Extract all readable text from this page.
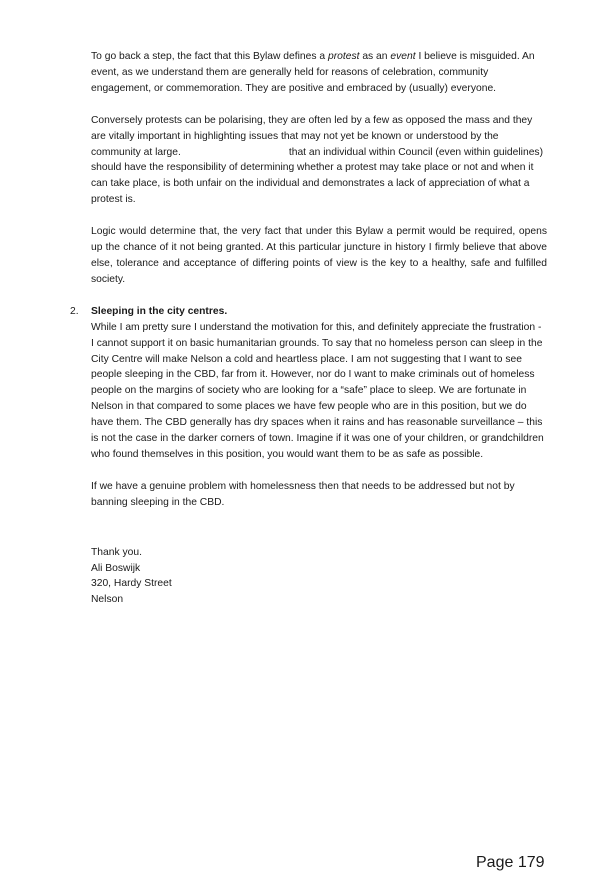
To go back a step, the fact that this Bylaw defines a protest as an event I believe is misguided. An event, as we understand them are generally held for reasons of celebration, community engagement, or commemoration. They are positive and embraced by (usually) everyone.

Conversely protests can be polarising, they are often led by a few as opposed the mass and they are vitally important in highlighting issues that may not yet be known or understood by the community at large.	that an individual within Council (even within guidelines) should have the responsibility of determining whether a protest may take place or not and when it can take place, is both unfair on the individual and demonstrates a lack of appreciation of what a protest is.

Logic would determine that, the very fact that under this Bylaw a permit would be required, opens up the chance of it not being granted. At this particular juncture in history I firmly believe that above else, tolerance and acceptance of differing points of view is the key to a healthy, safe and fulfilled society.

2. Sleeping in the city centres.

While I am pretty sure I understand the motivation for this, and definitely appreciate the frustration - I cannot support it on basic humanitarian grounds. To say that no homeless person can sleep in the City Centre will make Nelson a cold and heartless place. I am not suggesting that I want to see people sleeping in the CBD, far from it. However, nor do I want to make criminals out of homeless people on the margins of society who are looking for a “safe” place to sleep. We are fortunate in Nelson in that compared to some places we have few people who are in this position, but we do have them. The CBD generally has dry spaces when it rains and has reasonable surveillance – this is not the case in the darker corners of town. Imagine if it was one of your children, or grandchildren who found themselves in this position, you would want them to be as safe as possible.

If we have a genuine problem with homelessness then that needs to be addressed but not by banning sleeping in the CBD.

Thank you.

Ali Boswijk

320, Hardy Street

Nelson

Page 179
